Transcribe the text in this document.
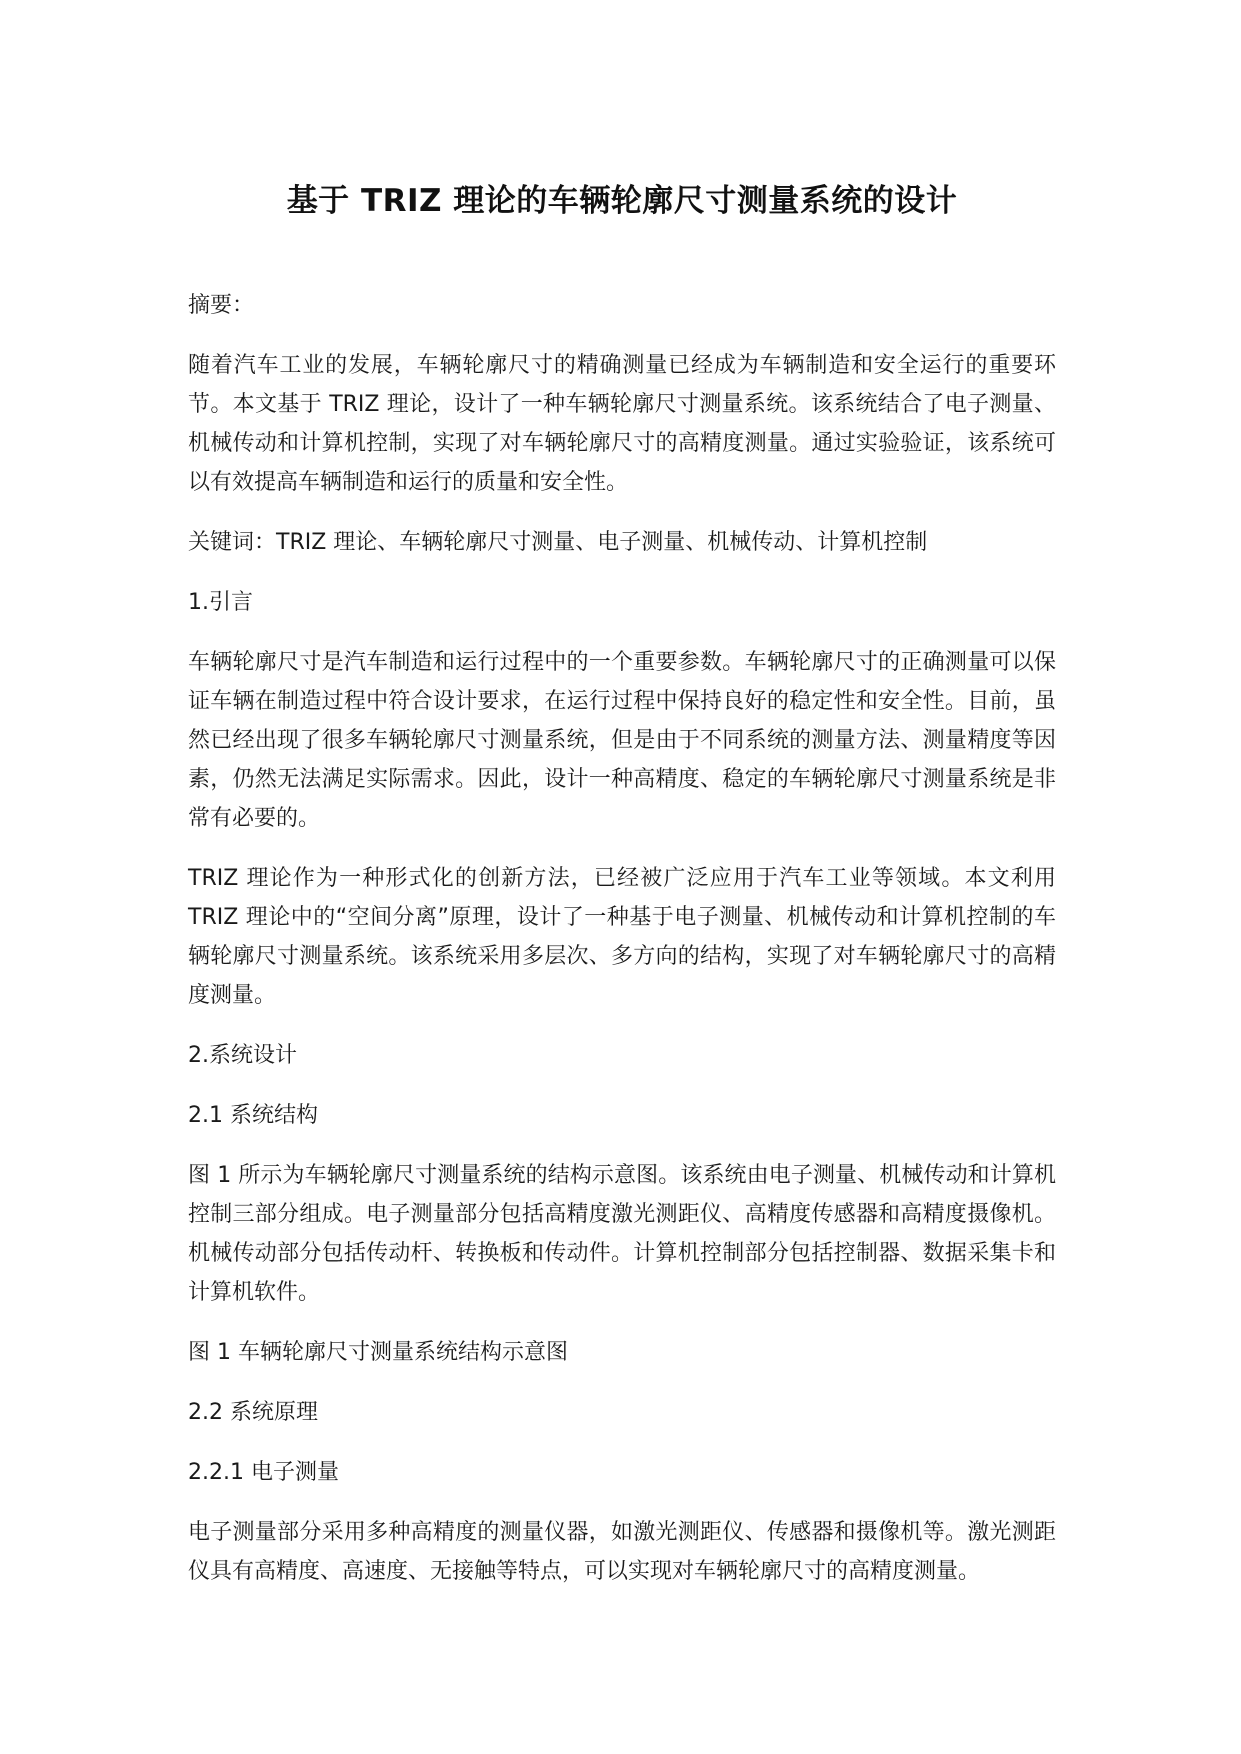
基于 TRIZ 理论的车辆轮廓尺寸测量系统的设计

摘要：

随着汽车工业的发展，车辆轮廓尺寸的精确测量已经成为车辆制造和安全运行的重要环节。本文基于 TRIZ 理论，设计了一种车辆轮廓尺寸测量系统。该系统结合了电子测量、机械传动和计算机控制，实现了对车辆轮廓尺寸的高精度测量。通过实验验证，该系统可以有效提高车辆制造和运行的质量和安全性。

关键词：TRIZ 理论、车辆轮廓尺寸测量、电子测量、机械传动、计算机控制

1.引言

车辆轮廓尺寸是汽车制造和运行过程中的一个重要参数。车辆轮廓尺寸的正确测量可以保证车辆在制造过程中符合设计要求，在运行过程中保持良好的稳定性和安全性。目前，虽然已经出现了很多车辆轮廓尺寸测量系统，但是由于不同系统的测量方法、测量精度等因素，仍然无法满足实际需求。因此，设计一种高精度、稳定的车辆轮廓尺寸测量系统是非常有必要的。

TRIZ 理论作为一种形式化的创新方法，已经被广泛应用于汽车工业等领域。本文利用 TRIZ 理论中的“空间分离”原理，设计了一种基于电子测量、机械传动和计算机控制的车辆轮廓尺寸测量系统。该系统采用多层次、多方向的结构，实现了对车辆轮廓尺寸的高精度测量。

2.系统设计

2.1 系统结构

图 1 所示为车辆轮廓尺寸测量系统的结构示意图。该系统由电子测量、机械传动和计算机控制三部分组成。电子测量部分包括高精度激光测距仪、高精度传感器和高精度摄像机。机械传动部分包括传动杆、转换板和传动件。计算机控制部分包括控制器、数据采集卡和计算机软件。

图 1 车辆轮廓尺寸测量系统结构示意图

2.2 系统原理

2.2.1 电子测量

电子测量部分采用多种高精度的测量仪器，如激光测距仪、传感器和摄像机等。激光测距仪具有高精度、高速度、无接触等特点，可以实现对车辆轮廓尺寸的高精度测量。
